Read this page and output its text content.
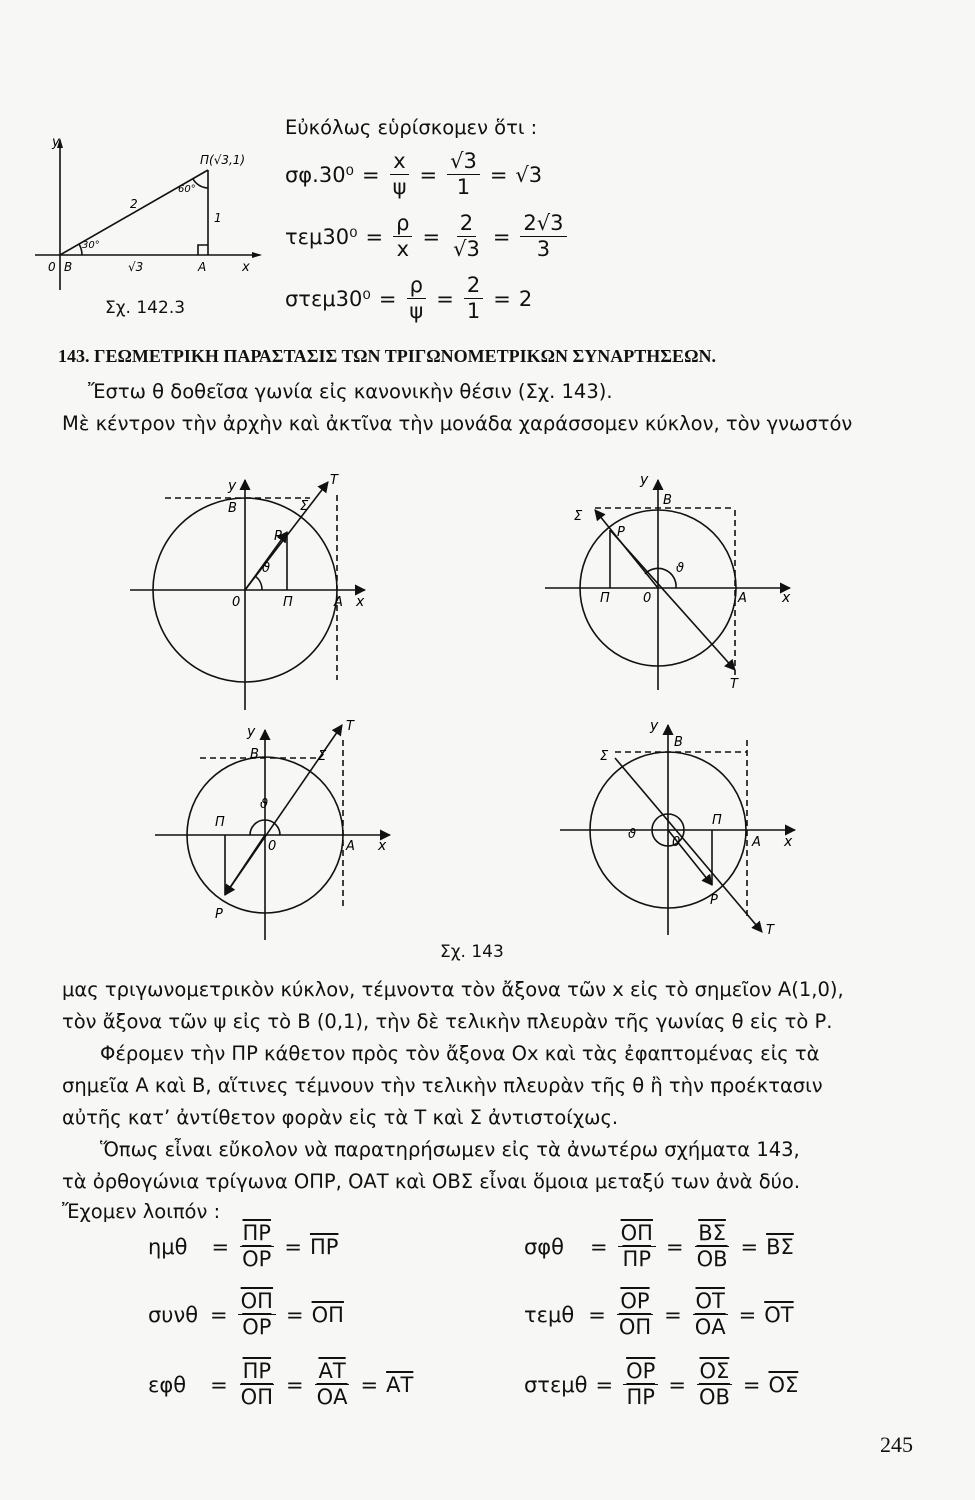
Εὐκόλως εὑρίσκομεν ὅτι :
y
x
0 B	A
Π(√3,1)
2
1
√3
30°
60°
Σχ. 142.3
$\sigma\varphi.30^0 = \frac{x}{\psi} = \frac{√3}{1} = √3$
$\tau\varepsilon\mu 30^0 = \frac{\rho}{x} = \frac{2}{√3} = \frac{2√3}{3}$
$\sigma\tau\varepsilon\mu 30^0 = \frac{\rho}{\psi} = \frac{2}{1} = 2$
143. ΓΕΩΜΕΤΡΙΚΗ ΠΑΡΑΣΤΑΣΙΣ ΤΩΝ ΤΡΙΓΩΝΟΜΕΤΡΙΚΩΝ ΣΥΝΑΡΤΗΣΕΩΝ.
Ἔστω θ δοθεῖσα γωνία εἰς κανονικὴν θέσιν (Σχ. 143).
Μὲ κέντρον τὴν ἀρχὴν καὶ ἀκτῖνα τὴν μονάδα χαράσσομεν κύκλον, τὸν γνωστόν
y
x
0
B
A
Π
P
T
Σ
ϑ
y
x
0
B
A
Π
P
T
Σ
ϑ
y
x
0
B
A
Π
P
T
Σ
ϑ
y
x
0
B
A
Π
P
T
Σ
ϑ
Σχ. 143
μας τριγωνομετρικὸν κύκλον, τέμνοντα τὸν ἄξονα τῶν x εἰς τὸ σημεῖον Α(1,0),
τὸν ἄξονα τῶν ψ εἰς τὸ Β (0,1), τὴν δὲ τελικὴν πλευρὰν τῆς γωνίας θ εἰς τὸ Ρ.
Φέρομεν τὴν ΠΡ κάθετον πρὸς τὸν ἄξονα Οx καὶ τὰς ἐφαπτομένας εἰς τὰ
σημεῖα Α καὶ Β, αἵτινες τέμνουν τὴν τελικὴν πλευρὰν τῆς θ ἢ τὴν προέκτασιν
αὐτῆς κατ’ ἀντίθετον φορὰν εἰς τὰ Τ καὶ Σ ἀντιστοίχως.
Ὅπως εἶναι εὔκολον νὰ παρατηρήσωμεν εἰς τὰ ἀνωτέρω σχήματα 143,
τὰ ὀρθογώνια τρίγωνα ΟΠΡ, ΟΑΤ καὶ ΟΒΣ εἶναι ὅμοια μεταξύ των ἀνὰ δύο.
Ἔχομεν λοιπόν :
$\eta\mu\theta = \frac{\overline{\Pi P}}{OP} = \overline{\Pi P}$
$\sigma\upsilon\nu\theta = \frac{\overline{O\Pi}}{OP} = \overline{O\Pi}$
$\varepsilon\varphi\theta = \frac{\overline{\Pi P}}{O\Pi} = \frac{\overline{AT}}{OA} = \overline{AT}$
$\sigma\varphi\theta = \frac{\overline{O\Pi}}{\Pi P} = \frac{\overline{B\Sigma}}{OB} = \overline{B\Sigma}$
$\tau\varepsilon\mu\theta = \frac{\overline{OP}}{O\Pi} = \frac{\overline{OT}}{OA} = \overline{OT}$
$\sigma\tau\varepsilon\mu\theta = \frac{\overline{OP}}{\Pi P} = \frac{\overline{O\Sigma}}{OB} = \overline{O\Sigma}$
245
